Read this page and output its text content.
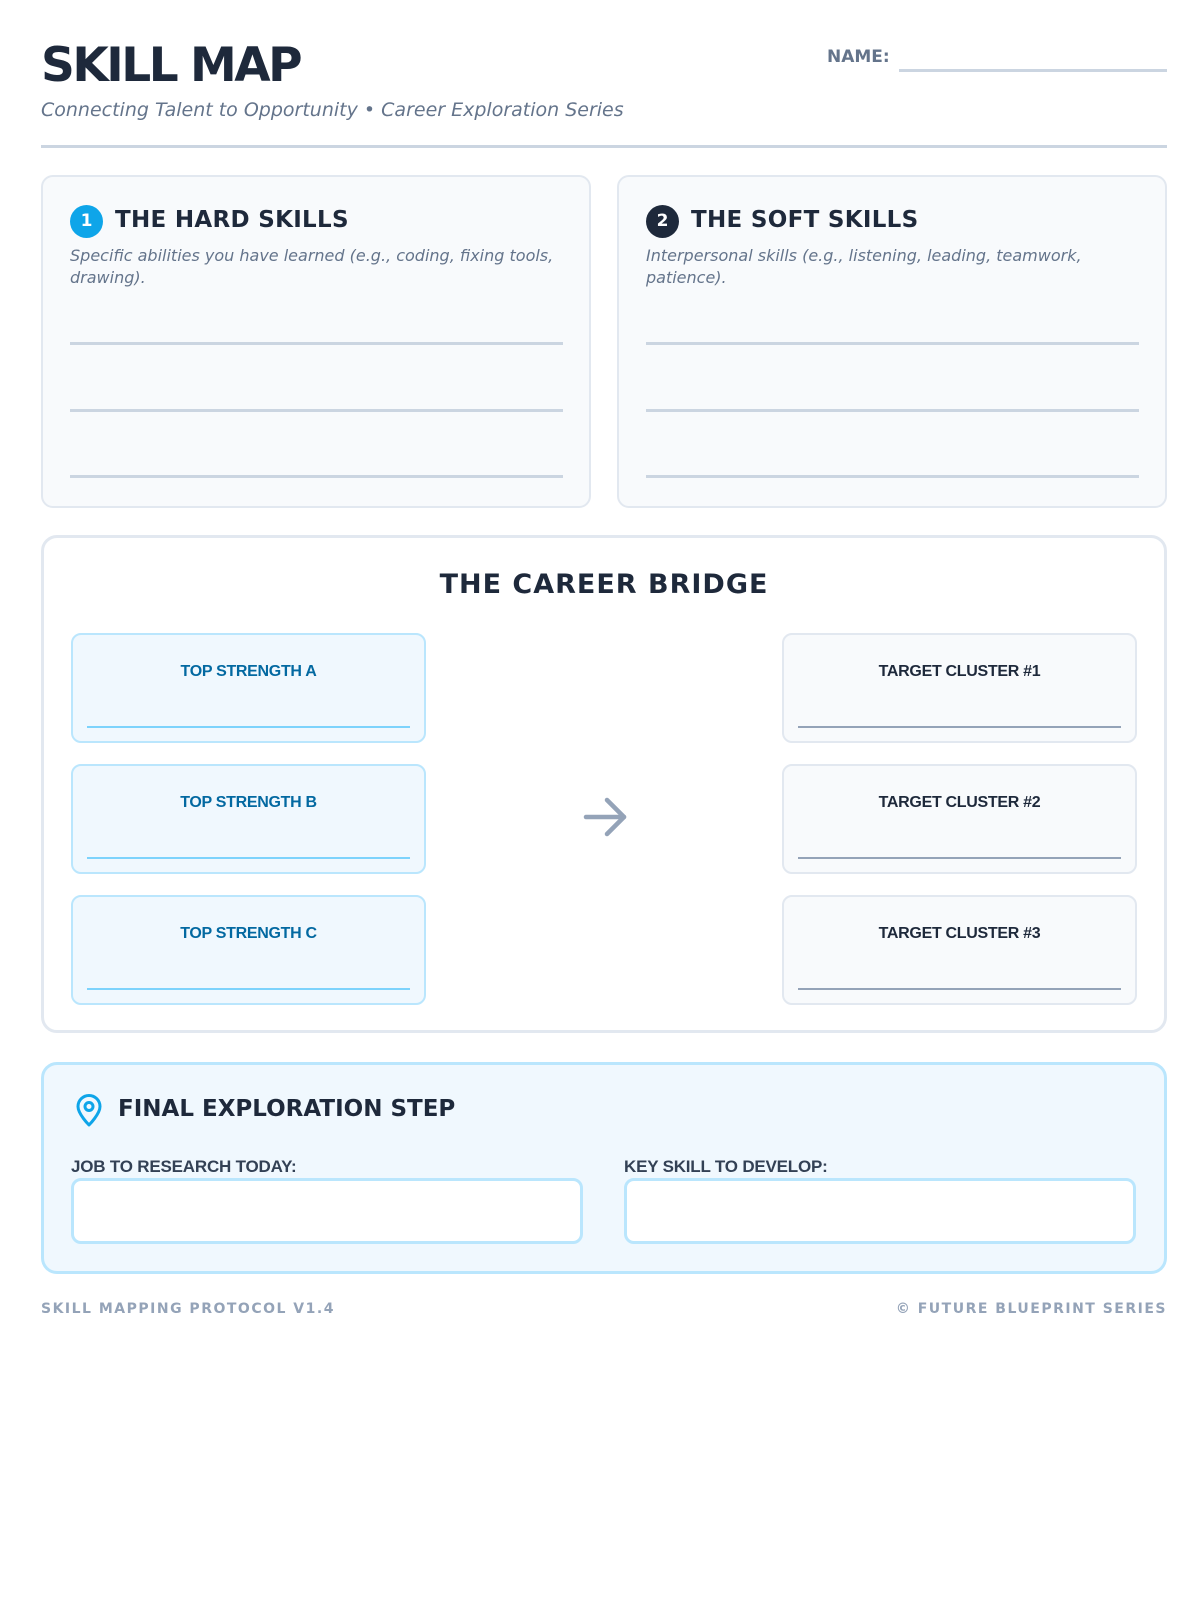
SKILL MAP
Connecting Talent to Opportunity • Career Exploration Series
NAME:
1 THE HARD SKILLS
Specific abilities you have learned (e.g., coding, fixing tools, drawing).
2 THE SOFT SKILLS
Interpersonal skills (e.g., listening, leading, teamwork, patience).
THE CAREER BRIDGE
TOP STRENGTH A
TOP STRENGTH B
TOP STRENGTH C
TARGET CLUSTER #1
TARGET CLUSTER #2
TARGET CLUSTER #3
FINAL EXPLORATION STEP
JOB TO RESEARCH TODAY:	KEY SKILL TO DEVELOP:
SKILL MAPPING PROTOCOL V1.4	© FUTURE BLUEPRINT SERIES
